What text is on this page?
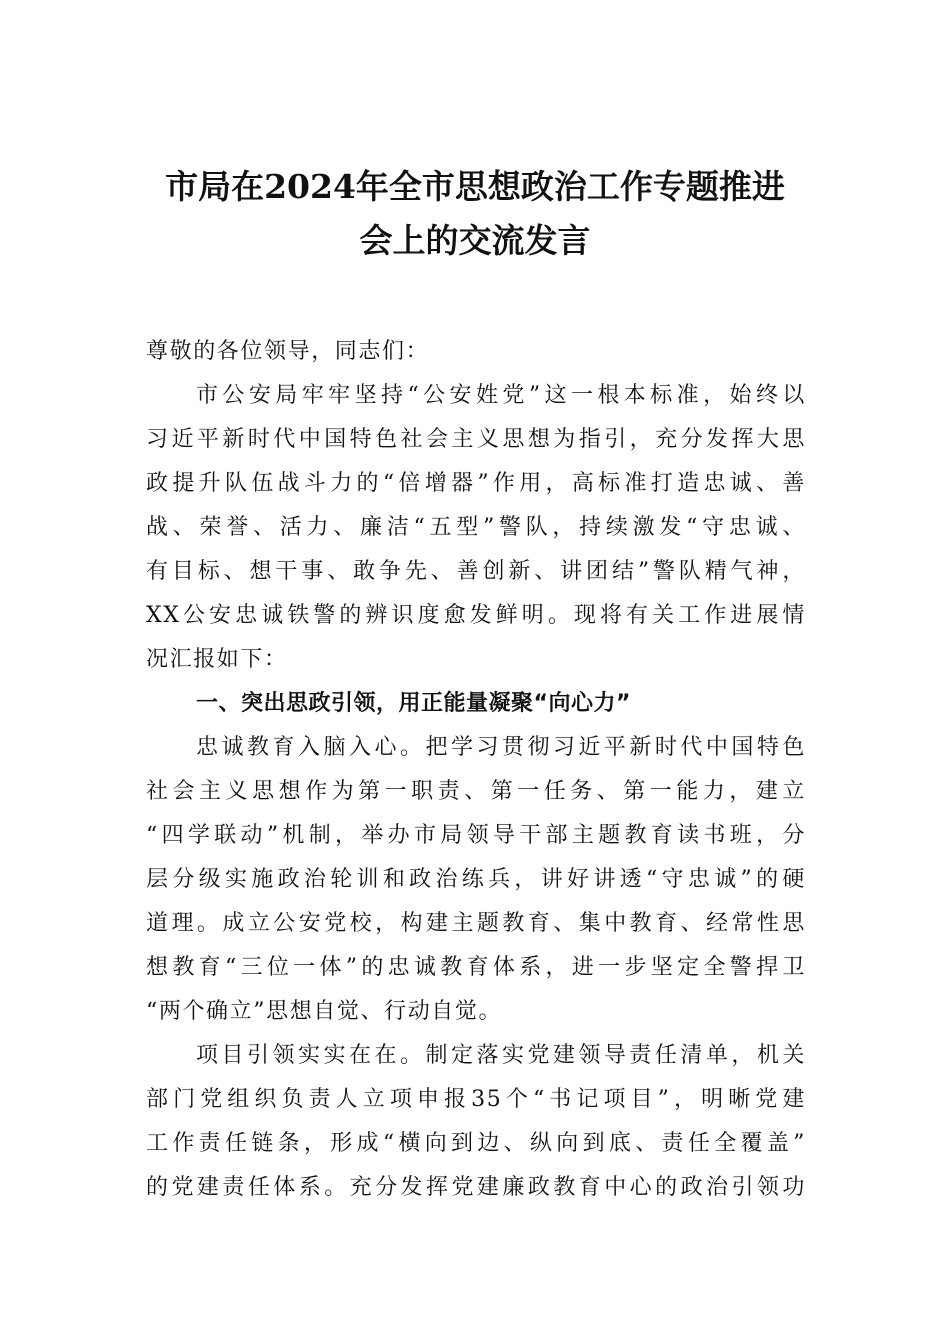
市局在2024年全市思想政治工作专题推进
会上的交流发言
尊敬的各位领导，同志们：
市公安局牢牢坚持“公安姓党”这一根本标准，始终以
习近平新时代中国特色社会主义思想为指引，充分发挥大思
政提升队伍战斗力的“倍增器”作用，高标准打造忠诚、善
战、荣誉、活力、廉洁“五型”警队，持续激发“守忠诚、
有目标、想干事、敢争先、善创新、讲团结”警队精气神，
XX公安忠诚铁警的辨识度愈发鲜明。现将有关工作进展情
况汇报如下：
一、突出思政引领，用正能量凝聚“向心力”
忠诚教育入脑入心。把学习贯彻习近平新时代中国特色
社会主义思想作为第一职责、第一任务、第一能力，建立
“四学联动”机制，举办市局领导干部主题教育读书班，分
层分级实施政治轮训和政治练兵，讲好讲透“守忠诚”的硬
道理。成立公安党校，构建主题教育、集中教育、经常性思
想教育“三位一体”的忠诚教育体系，进一步坚定全警捍卫
“两个确立”思想自觉、行动自觉。
项目引领实实在在。制定落实党建领导责任清单，机关
部门党组织负责人立项申报35个“书记项目”，明晰党建
工作责任链条，形成“横向到边、纵向到底、责任全覆盖”
的党建责任体系。充分发挥党建廉政教育中心的政治引领功
